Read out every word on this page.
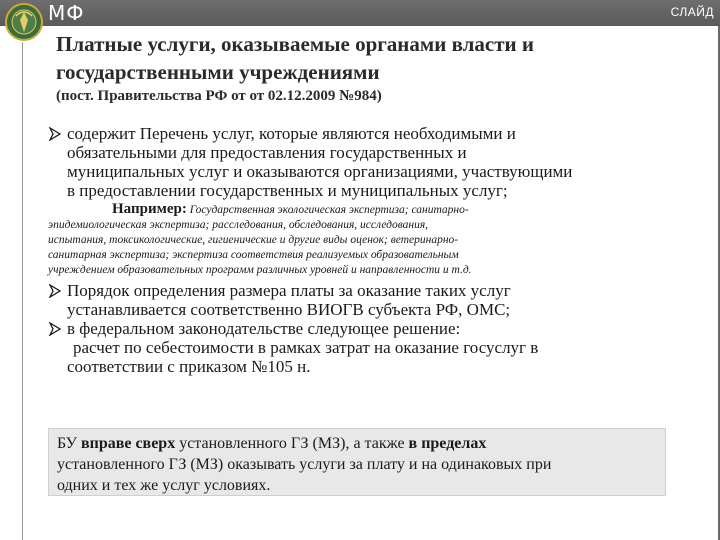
МФ	СЛАЙД
Платные услуги, оказываемые органами власти и
государственными учреждениями
(пост. Правительства РФ от от 02.12.2009 №984)
содержит Перечень услуг, которые являются необходимыми и
обязательными для предоставления государственных и
муниципальных услуг и оказываются организациями, участвующими
в предоставлении государственных и муниципальных услуг;
Например: Государственная экологическая экспертиза; санитарно-
эпидемиологическая экспертиза; расследования, обследования, исследования,
испытания, токсикологические, гигиенические и другие виды оценок; ветеринарно-
санитарная экспертиза; экспертиза соответствия реализуемых образовательным
учреждением образовательных программ различных уровней и направленности и т.д.
Порядок определения размера платы за оказание таких услуг
устанавливается соответственно ВИОГВ субъекта РФ, ОМС;
в федеральном законодательстве следующее решение:
расчет по себестоимости в рамках затрат на оказание госуслуг в
соответствии с приказом №105 н.
БУ вправе сверх установленного ГЗ (МЗ), а также в пределах
установленного ГЗ (МЗ) оказывать услуги за плату и на одинаковых при
одних и тех же услуг условиях.
